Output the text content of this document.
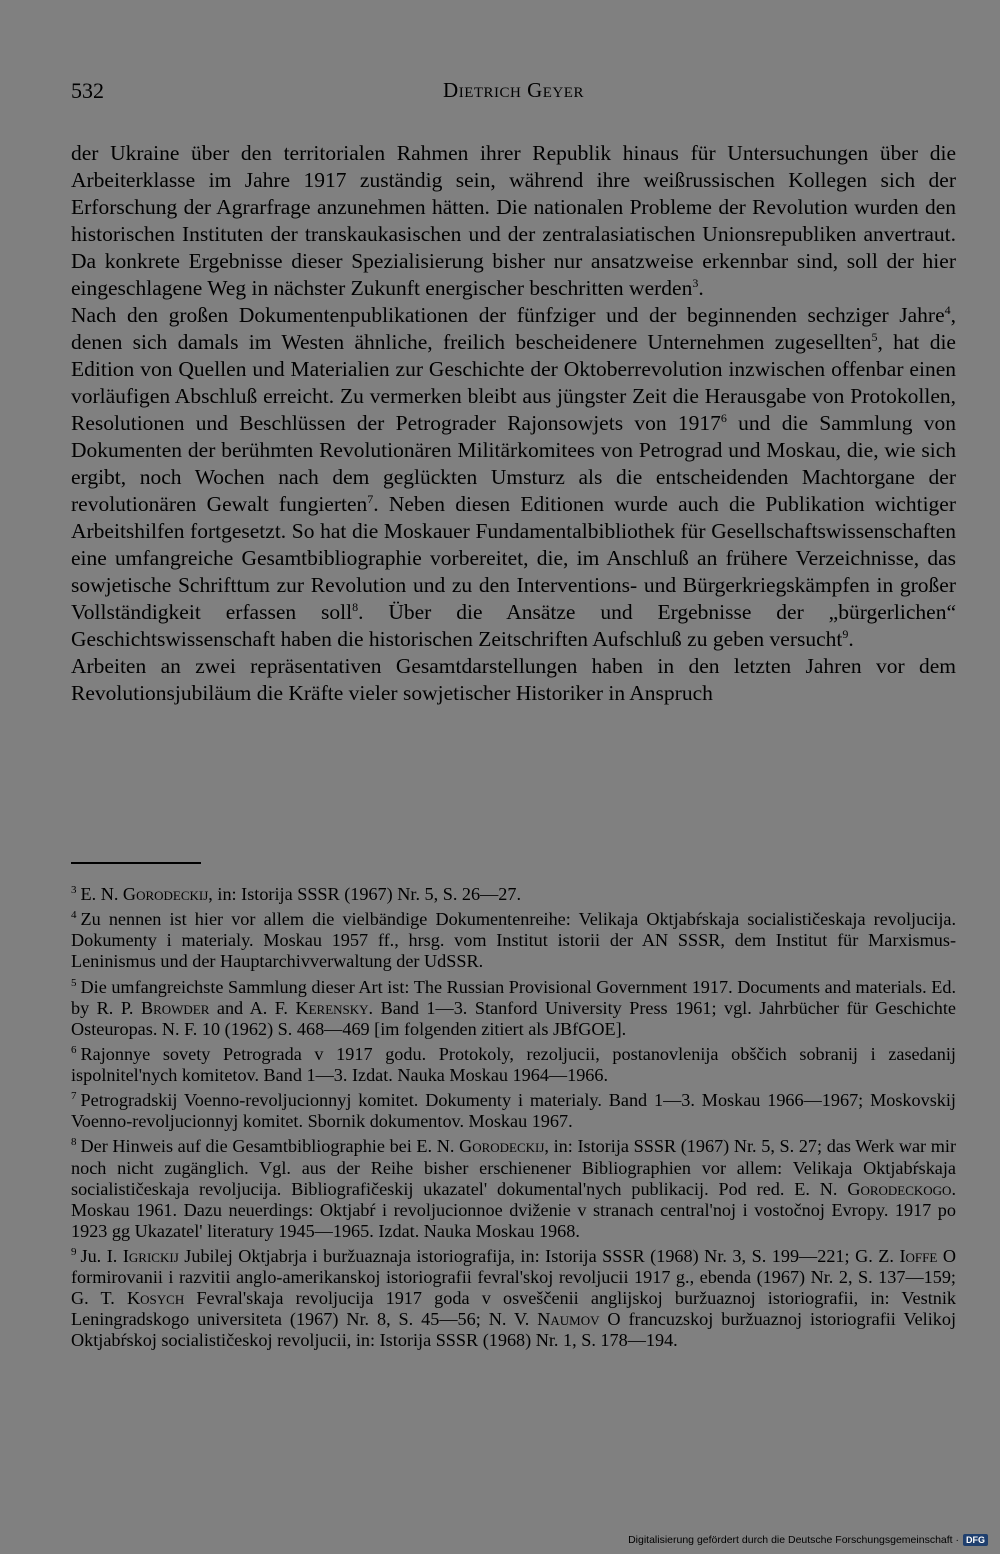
532	Dietrich Geyer

der Ukraine über den territorialen Rahmen ihrer Republik hinaus für Untersuchungen über die Arbeiterklasse im Jahre 1917 zuständig sein, während ihre weißrussischen Kollegen sich der Erforschung der Agrarfrage anzunehmen hätten. Die nationalen Probleme der Revolution wurden den historischen Instituten der transkaukasischen und der zentralasiatischen Unionsrepubliken anvertraut. Da konkrete Ergebnisse dieser Spezialisierung bisher nur ansatzweise erkennbar sind, soll der hier eingeschlagene Weg in nächster Zukunft energischer beschritten werden$^3$.

Nach den großen Dokumentenpublikationen der fünfziger und der beginnenden sechziger Jahre$^4$, denen sich damals im Westen ähnliche, freilich bescheidenere Unternehmen zugesellten$^5$, hat die Edition von Quellen und Materialien zur Geschichte der Oktoberrevolution inzwischen offenbar einen vorläufigen Abschluß erreicht. Zu vermerken bleibt aus jüngster Zeit die Herausgabe von Protokollen, Resolutionen und Beschlüssen der Petrograder Rajonsowjets von 1917$^6$ und die Sammlung von Dokumenten der berühmten Revolutionären Militärkomitees von Petrograd und Moskau, die, wie sich ergibt, noch Wochen nach dem geglückten Umsturz als die entscheidenden Machtorgane der revolutionären Gewalt fungierten$^7$. Neben diesen Editionen wurde auch die Publikation wichtiger Arbeitshilfen fortgesetzt. So hat die Moskauer Fundamentalbibliothek für Gesellschaftswissenschaften eine umfangreiche Gesamtbibliographie vorbereitet, die, im Anschluß an frühere Verzeichnisse, das sowjetische Schrifttum zur Revolution und zu den Interventions- und Bürgerkriegskämpfen in großer Vollständigkeit erfassen soll$^8$. Über die Ansätze und Ergebnisse der „bürgerlichen“ Geschichtswissenschaft haben die historischen Zeitschriften Aufschluß zu geben versucht$^9$.

Arbeiten an zwei repräsentativen Gesamtdarstellungen haben in den letzten Jahren vor dem Revolutionsjubiläum die Kräfte vieler sowjetischer Historiker in Anspruch

$^3$ E. N. Gorodeckij, in: Istorija SSSR (1967) Nr. 5, S. 26—27.

$^4$ Zu nennen ist hier vor allem die vielbändige Dokumentenreihe: Velikaja Oktjabŕskaja socialističeskaja revoljucija. Dokumenty i materialy. Moskau 1957 ff., hrsg. vom Institut istorii der AN SSSR, dem Institut für Marxismus-Leninismus und der Hauptarchivverwaltung der UdSSR.

$^5$ Die umfangreichste Sammlung dieser Art ist: The Russian Provisional Government 1917. Documents and materials. Ed. by R. P. Browder and A. F. Kerensky. Band 1—3. Stanford University Press 1961; vgl. Jahrbücher für Geschichte Osteuropas. N. F. 10 (1962) S. 468—469 [im folgenden zitiert als JBfGOE].

$^6$ Rajonnye sovety Petrograda v 1917 godu. Protokoly, rezoljucii, postanovlenija obščich sobranij i zasedanij ispolnitel'nych komitetov. Band 1—3. Izdat. Nauka Moskau 1964—1966.

$^7$ Petrogradskij Voenno-revoljucionnyj komitet. Dokumenty i materialy. Band 1—3. Moskau 1966—1967; Moskovskij Voenno-revoljucionnyj komitet. Sbornik dokumentov. Moskau 1967.

$^8$ Der Hinweis auf die Gesamtbibliographie bei E. N. Gorodeckij, in: Istorija SSSR (1967) Nr. 5, S. 27; das Werk war mir noch nicht zugänglich. Vgl. aus der Reihe bisher erschienener Bibliographien vor allem: Velikaja Oktjabŕskaja socialističeskaja revoljucija. Bibliografičeskij ukazatel' dokumental'nych publikacij. Pod red. E. N. Gorodeckogo. Moskau 1961. Dazu neuerdings: Oktjabŕ i revoljucionnoe dviženie v stranach central'noj i vostočnoj Evropy. 1917 po 1923 gg Ukazatel' literatury 1945—1965. Izdat. Nauka Moskau 1968.

$^9$ Ju. I. Igrickij Jubilej Oktjabrja i buržuaznaja istoriografija, in: Istorija SSSR (1968) Nr. 3, S. 199—221; G. Z. Ioffe O formirovanii i razvitii anglo-amerikanskoj istoriografii fevral'skoj revoljucii 1917 g., ebenda (1967) Nr. 2, S. 137—159; G. T. Kosych Fevral'skaja revoljucija 1917 goda v osveščenii anglijskoj buržuaznoj istoriografii, in: Vestnik Leningradskogo universiteta (1967) Nr. 8, S. 45—56; N. V. Naumov O francuzskoj buržuaznoj istoriografii Velikoj Oktjabŕskoj socialističeskoj revoljucii, in: Istorija SSSR (1968) Nr. 1, S. 178—194.

Digitalisierung gefördert durch die Deutsche Forschungsgemeinschaft · DFG
